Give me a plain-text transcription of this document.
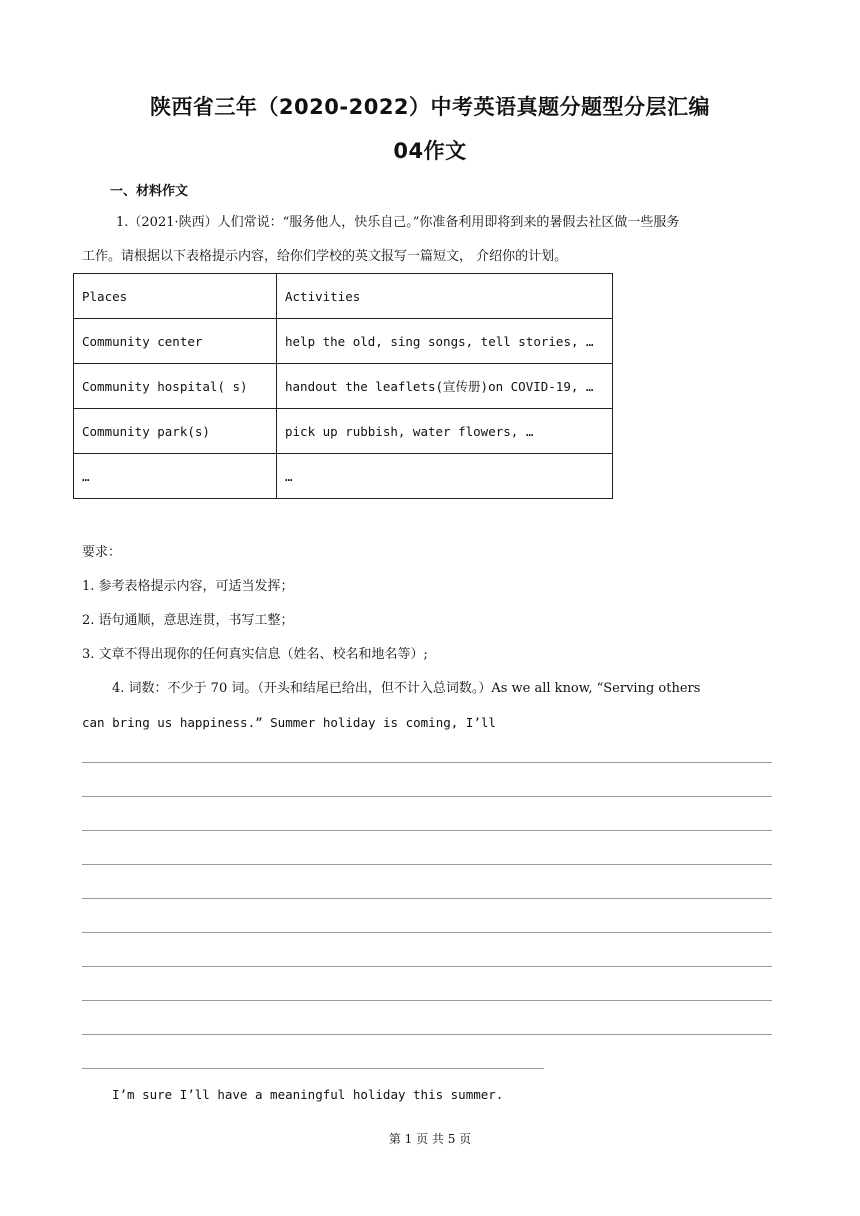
陕西省三年（2020-2022）中考英语真题分题型分层汇编
04作文
一、材料作文
1.（2021·陕西）人们常说：“服务他人，快乐自己。”你准备利用即将到来的暑假去社区做一些服务
工作。请根据以下表格提示内容，给你们学校的英文报写一篇短文， 介绍你的计划。
Places	Activities
Community center	help the old, sing songs, tell stories, …
Community hospital( s)	handout the leaflets(宣传册)on COVID-19, …
Community park(s)	pick up rubbish, water flowers, …
…	…
要求：
1. 参考表格提示内容，可适当发挥；
2. 语句通顺，意思连贯，书写工整；
3. 文章不得出现你的任何真实信息（姓名、校名和地名等）;
4. 词数：不少于 70 词。（开头和结尾已给出，但不计入总词数。）As we all know, “Serving others
can bring us happiness.” Summer holiday is coming, I’ll
I’m sure I’ll have a meaningful holiday this summer.
第 1 页 共 5 页
